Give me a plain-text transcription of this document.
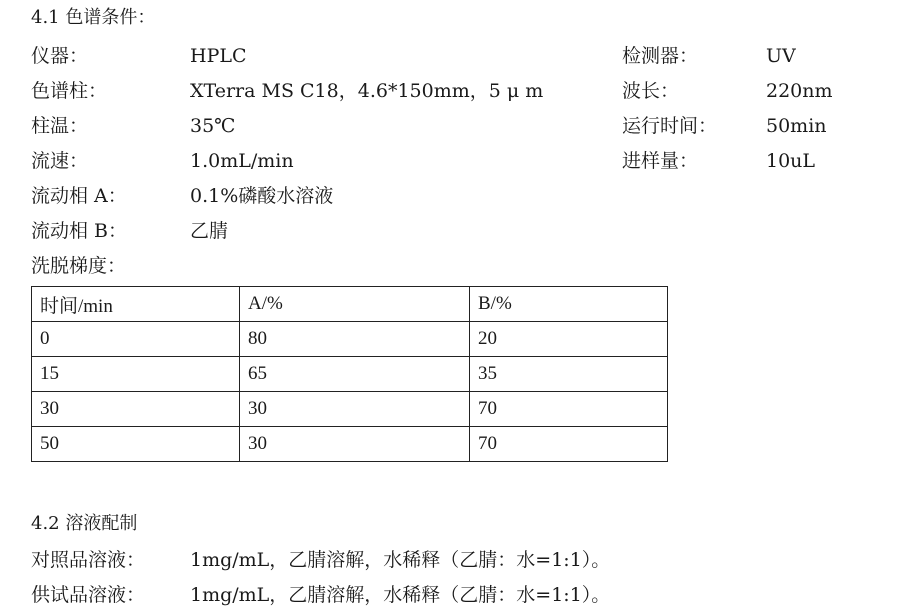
4.1 色谱条件：
仪器：	HPLC	检测器：	UV
色谱柱：	XTerra MS C18，4.6*150mm，5 μ m	波长：	220nm
柱温：	35℃	运行时间：	50min
流速：	1.0mL/min	进样量：	10uL
流动相 A：	0.1%磷酸水溶液
流动相 B：	乙腈
洗脱梯度：
时间/min	A/%	B/%
0	80	20
15	65	35
30	30	70
50	30	70
4.2 溶液配制
对照品溶液： 1mg/mL，乙腈溶解，水稀释（乙腈：水=1:1）。
供试品溶液： 1mg/mL，乙腈溶解，水稀释（乙腈：水=1:1）。
